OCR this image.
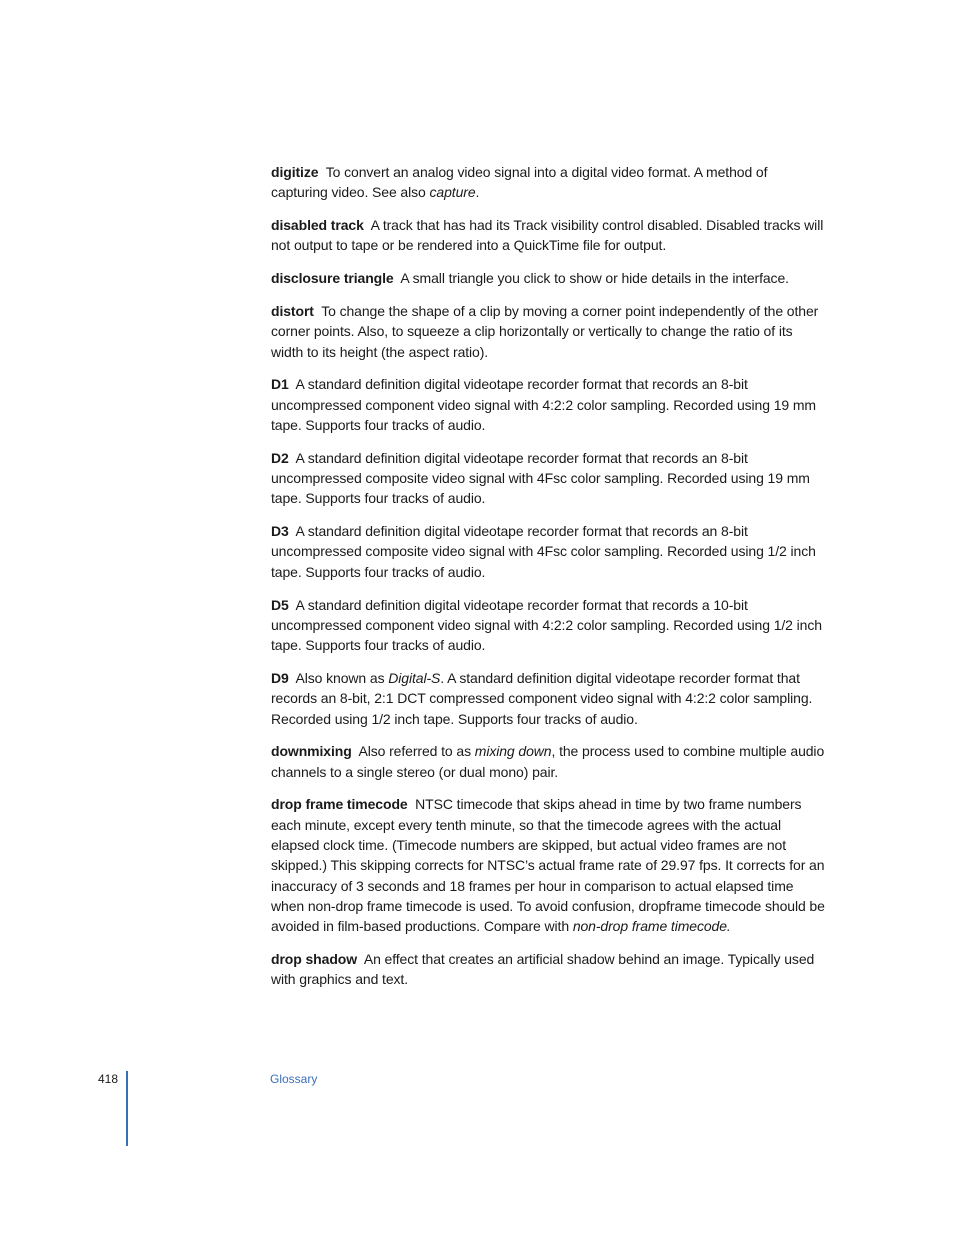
digitize To convert an analog video signal into a digital video format. A method of capturing video. See also capture.

disabled track A track that has had its Track visibility control disabled. Disabled tracks will not output to tape or be rendered into a QuickTime file for output.

disclosure triangle A small triangle you click to show or hide details in the interface.

distort To change the shape of a clip by moving a corner point independently of the other corner points. Also, to squeeze a clip horizontally or vertically to change the ratio of its width to its height (the aspect ratio).

D1 A standard definition digital videotape recorder format that records an 8-bit uncompressed component video signal with 4:2:2 color sampling. Recorded using 19 mm tape. Supports four tracks of audio.

D2 A standard definition digital videotape recorder format that records an 8-bit uncompressed composite video signal with 4Fsc color sampling. Recorded using 19 mm tape. Supports four tracks of audio.

D3 A standard definition digital videotape recorder format that records an 8-bit uncompressed composite video signal with 4Fsc color sampling. Recorded using 1/2 inch tape. Supports four tracks of audio.

D5 A standard definition digital videotape recorder format that records a 10-bit uncompressed component video signal with 4:2:2 color sampling. Recorded using 1/2 inch tape. Supports four tracks of audio.

D9 Also known as Digital-S. A standard definition digital videotape recorder format that records an 8-bit, 2:1 DCT compressed component video signal with 4:2:2 color sampling. Recorded using 1/2 inch tape. Supports four tracks of audio.

downmixing Also referred to as mixing down, the process used to combine multiple audio channels to a single stereo (or dual mono) pair.

drop frame timecode NTSC timecode that skips ahead in time by two frame numbers each minute, except every tenth minute, so that the timecode agrees with the actual elapsed clock time. (Timecode numbers are skipped, but actual video frames are not skipped.) This skipping corrects for NTSC’s actual frame rate of 29.97 fps. It corrects for an inaccuracy of 3 seconds and 18 frames per hour in comparison to actual elapsed time when non-drop frame timecode is used. To avoid confusion, dropframe timecode should be avoided in film-based productions. Compare with non-drop frame timecode.

drop shadow An effect that creates an artificial shadow behind an image. Typically used with graphics and text.

418	Glossary
